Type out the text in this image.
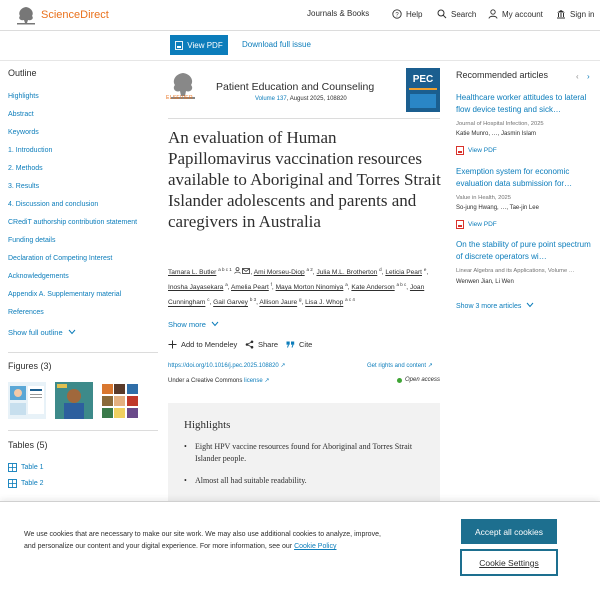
ScienceDirect	Journals & Books	? Help	Search	My account	Sign in
View PDF Download full issue
Outline
Highlights
Abstract
Keywords
1. Introduction
2. Methods
3. Results
4. Discussion and conclusion
CRediT authorship contribution statement
Funding details
Declaration of Competing Interest
Acknowledgements
Appendix A. Supplementary material
References
Show full outline
Figures (3)
Tables (5)
Table 1
Table 2
ELSEVIER
Patient Education and Counseling
Volume 137, August 2025, 108820
PEC
An evaluation of Human Papillomavirus vaccination resources available to Aboriginal and Torres Strait Islander adolescents and parents and caregivers in Australia
Tamara L. Butler $^{a b c 1}$	, Ami Morseu-Diop $^{a 2}$, Julia M.L. Brotherton $^d$, Leticia Peart $^e$, Inosha Jayasekara $^a$, Amelia Peart $^f$, Maya Morton Ninomiya $^a$, Kate Anderson $^{a b c}$, Joan Cunningham $^c$, Gail Garvey $^{b 3}$, Allison Jaure $^g$, Lisa J. Whop $^{a c 4}$
Show more
Add to Mendeley	Share	Cite
https://doi.org/10.1016/j.pec.2025.108820 ↗	Get rights and content ↗
Under a Creative Commons license ↗	Open access
Highlights
• Eight HPV vaccine resources found for Aboriginal and Torres Strait Islander people.
• Almost all had suitable readability.
Recommended articles	‹ ›
Healthcare worker attitudes to lateral flow device testing and sick…
Journal of Hospital Infection, 2025
Katie Munro, …, Jasmin Islam
View PDF
Exemption system for economic evaluation data submission for…
Value in Health, 2025
So-jung Hwang, …, Tae-jin Lee
View PDF
On the stability of pure point spectrum of discrete operators wi…
Linear Algebra and its Applications, Volume …
Wenwen Jian, Li Wen
Show 3 more articles
We use cookies that are necessary to make our site work. We may also use additional cookies to analyze, improve, and personalize our content and your digital experience. For more information, see our Cookie Policy
Accept all cookies
Cookie Settings
